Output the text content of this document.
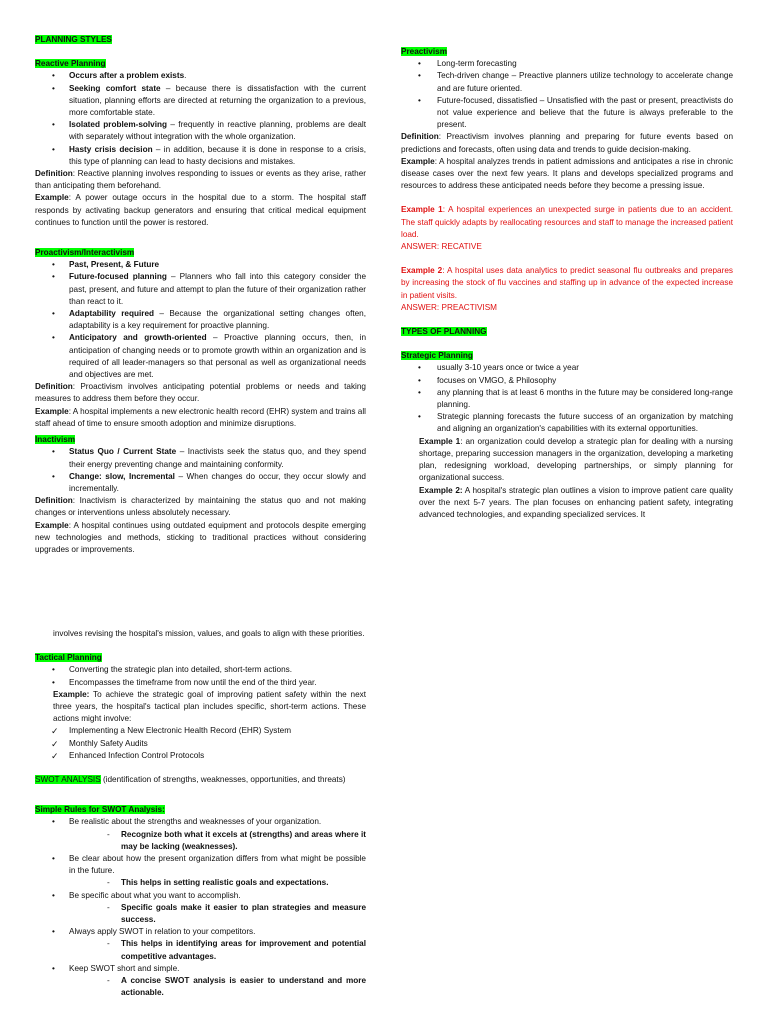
PLANNING STYLES

Reactive Planning

• Occurs after a problem exists.
• Seeking comfort state – because there is dissatisfaction with the current situation, planning efforts are directed at returning the organization to a previous, more comfortable state.
• Isolated problem-solving – frequently in reactive planning, problems are dealt with separately without integration with the whole organization.
• Hasty crisis decision – in addition, because it is done in response to a crisis, this type of planning can lead to hasty decisions and mistakes.

Definition: Reactive planning involves responding to issues or events as they arise, rather than anticipating them beforehand.

Example: A power outage occurs in the hospital due to a storm. The hospital staff responds by activating backup generators and ensuring that critical medical equipment continues to function until the power is restored.

Proactivism/Interactivism

• Past, Present, & Future
• Future-focused planning – Planners who fall into this category consider the past, present, and future and attempt to plan the future of their organization rather than react to it.
• Adaptability required – Because the organizational setting changes often, adaptability is a key requirement for proactive planning.
• Anticipatory and growth-oriented – Proactive planning occurs, then, in anticipation of changing needs or to promote growth within an organization and is required of all leader-managers so that personal as well as organizational needs and objectives are met.

Definition: Proactivism involves anticipating potential problems or needs and taking measures to address them before they occur.

Example: A hospital implements a new electronic health record (EHR) system and trains all staff ahead of time to ensure smooth adoption and minimize disruptions.

Inactivism

• Status Quo / Current State – Inactivists seek the status quo, and they spend their energy preventing change and maintaining conformity.
• Change: slow, Incremental – When changes do occur, they occur slowly and incrementally.

Definition: Inactivism is characterized by maintaining the status quo and not making changes or interventions unless absolutely necessary.

Example: A hospital continues using outdated equipment and protocols despite emerging new technologies and methods, sticking to traditional practices without considering upgrades or improvements.

Preactivism

• Long-term forecasting
• Tech-driven change – Preactive planners utilize technology to accelerate change and are future oriented.
• Future-focused, dissatisfied – Unsatisfied with the past or present, preactivists do not value experience and believe that the future is always preferable to the present.

Definition: Preactivism involves planning and preparing for future events based on predictions and forecasts, often using data and trends to guide decision-making.

Example: A hospital analyzes trends in patient admissions and anticipates a rise in chronic disease cases over the next few years. It plans and develops specialized programs and resources to address these anticipated needs before they become a pressing issue.

Example 1: A hospital experiences an unexpected surge in patients due to an accident. The staff quickly adapts by reallocating resources and staff to manage the increased patient load.

ANSWER: RECATIVE

Example 2: A hospital uses data analytics to predict seasonal flu outbreaks and prepares by increasing the stock of flu vaccines and staffing up in advance of the expected increase in patient visits.

ANSWER: PREACTIVISM

TYPES OF PLANNING

Strategic Planning

• usually 3-10 years once or twice a year
• focuses on VMGO, & Philosophy
• any planning that is at least 6 months in the future may be considered long-range planning.
• Strategic planning forecasts the future success of an organization by matching and aligning an organization's capabilities with its external opportunities.

Example 1: an organization could develop a strategic plan for dealing with a nursing shortage, preparing succession managers in the organization, developing a marketing plan, redesigning workload, developing partnerships, or simply planning for organizational success.

Example 2: A hospital's strategic plan outlines a vision to improve patient care quality over the next 5-7 years. The plan focuses on enhancing patient safety, integrating advanced technologies, and expanding specialized services. It

involves revising the hospital's mission, values, and goals to align with these priorities.

Tactical Planning

• Converting the strategic plan into detailed, short-term actions.
• Encompasses the timeframe from now until the end of the third year.

Example: To achieve the strategic goal of improving patient safety within the next three years, the hospital's tactical plan includes specific, short-term actions. These actions might involve:

✓ Implementing a New Electronic Health Record (EHR) System
✓ Monthly Safety Audits
✓ Enhanced Infection Control Protocols

SWOT ANALYSIS (identification of strengths, weaknesses, opportunities, and threats)

Simple Rules for SWOT Analysis:

• Be realistic about the strengths and weaknesses of your organization.
- Recognize both what it excels at (strengths) and areas where it may be lacking (weaknesses).
• Be clear about how the present organization differs from what might be possible in the future.
- This helps in setting realistic goals and expectations.
• Be specific about what you want to accomplish.
- Specific goals make it easier to plan strategies and measure success.
• Always apply SWOT in relation to your competitors.
- This helps in identifying areas for improvement and potential competitive advantages.
• Keep SWOT short and simple.
- A concise SWOT analysis is easier to understand and more actionable.
